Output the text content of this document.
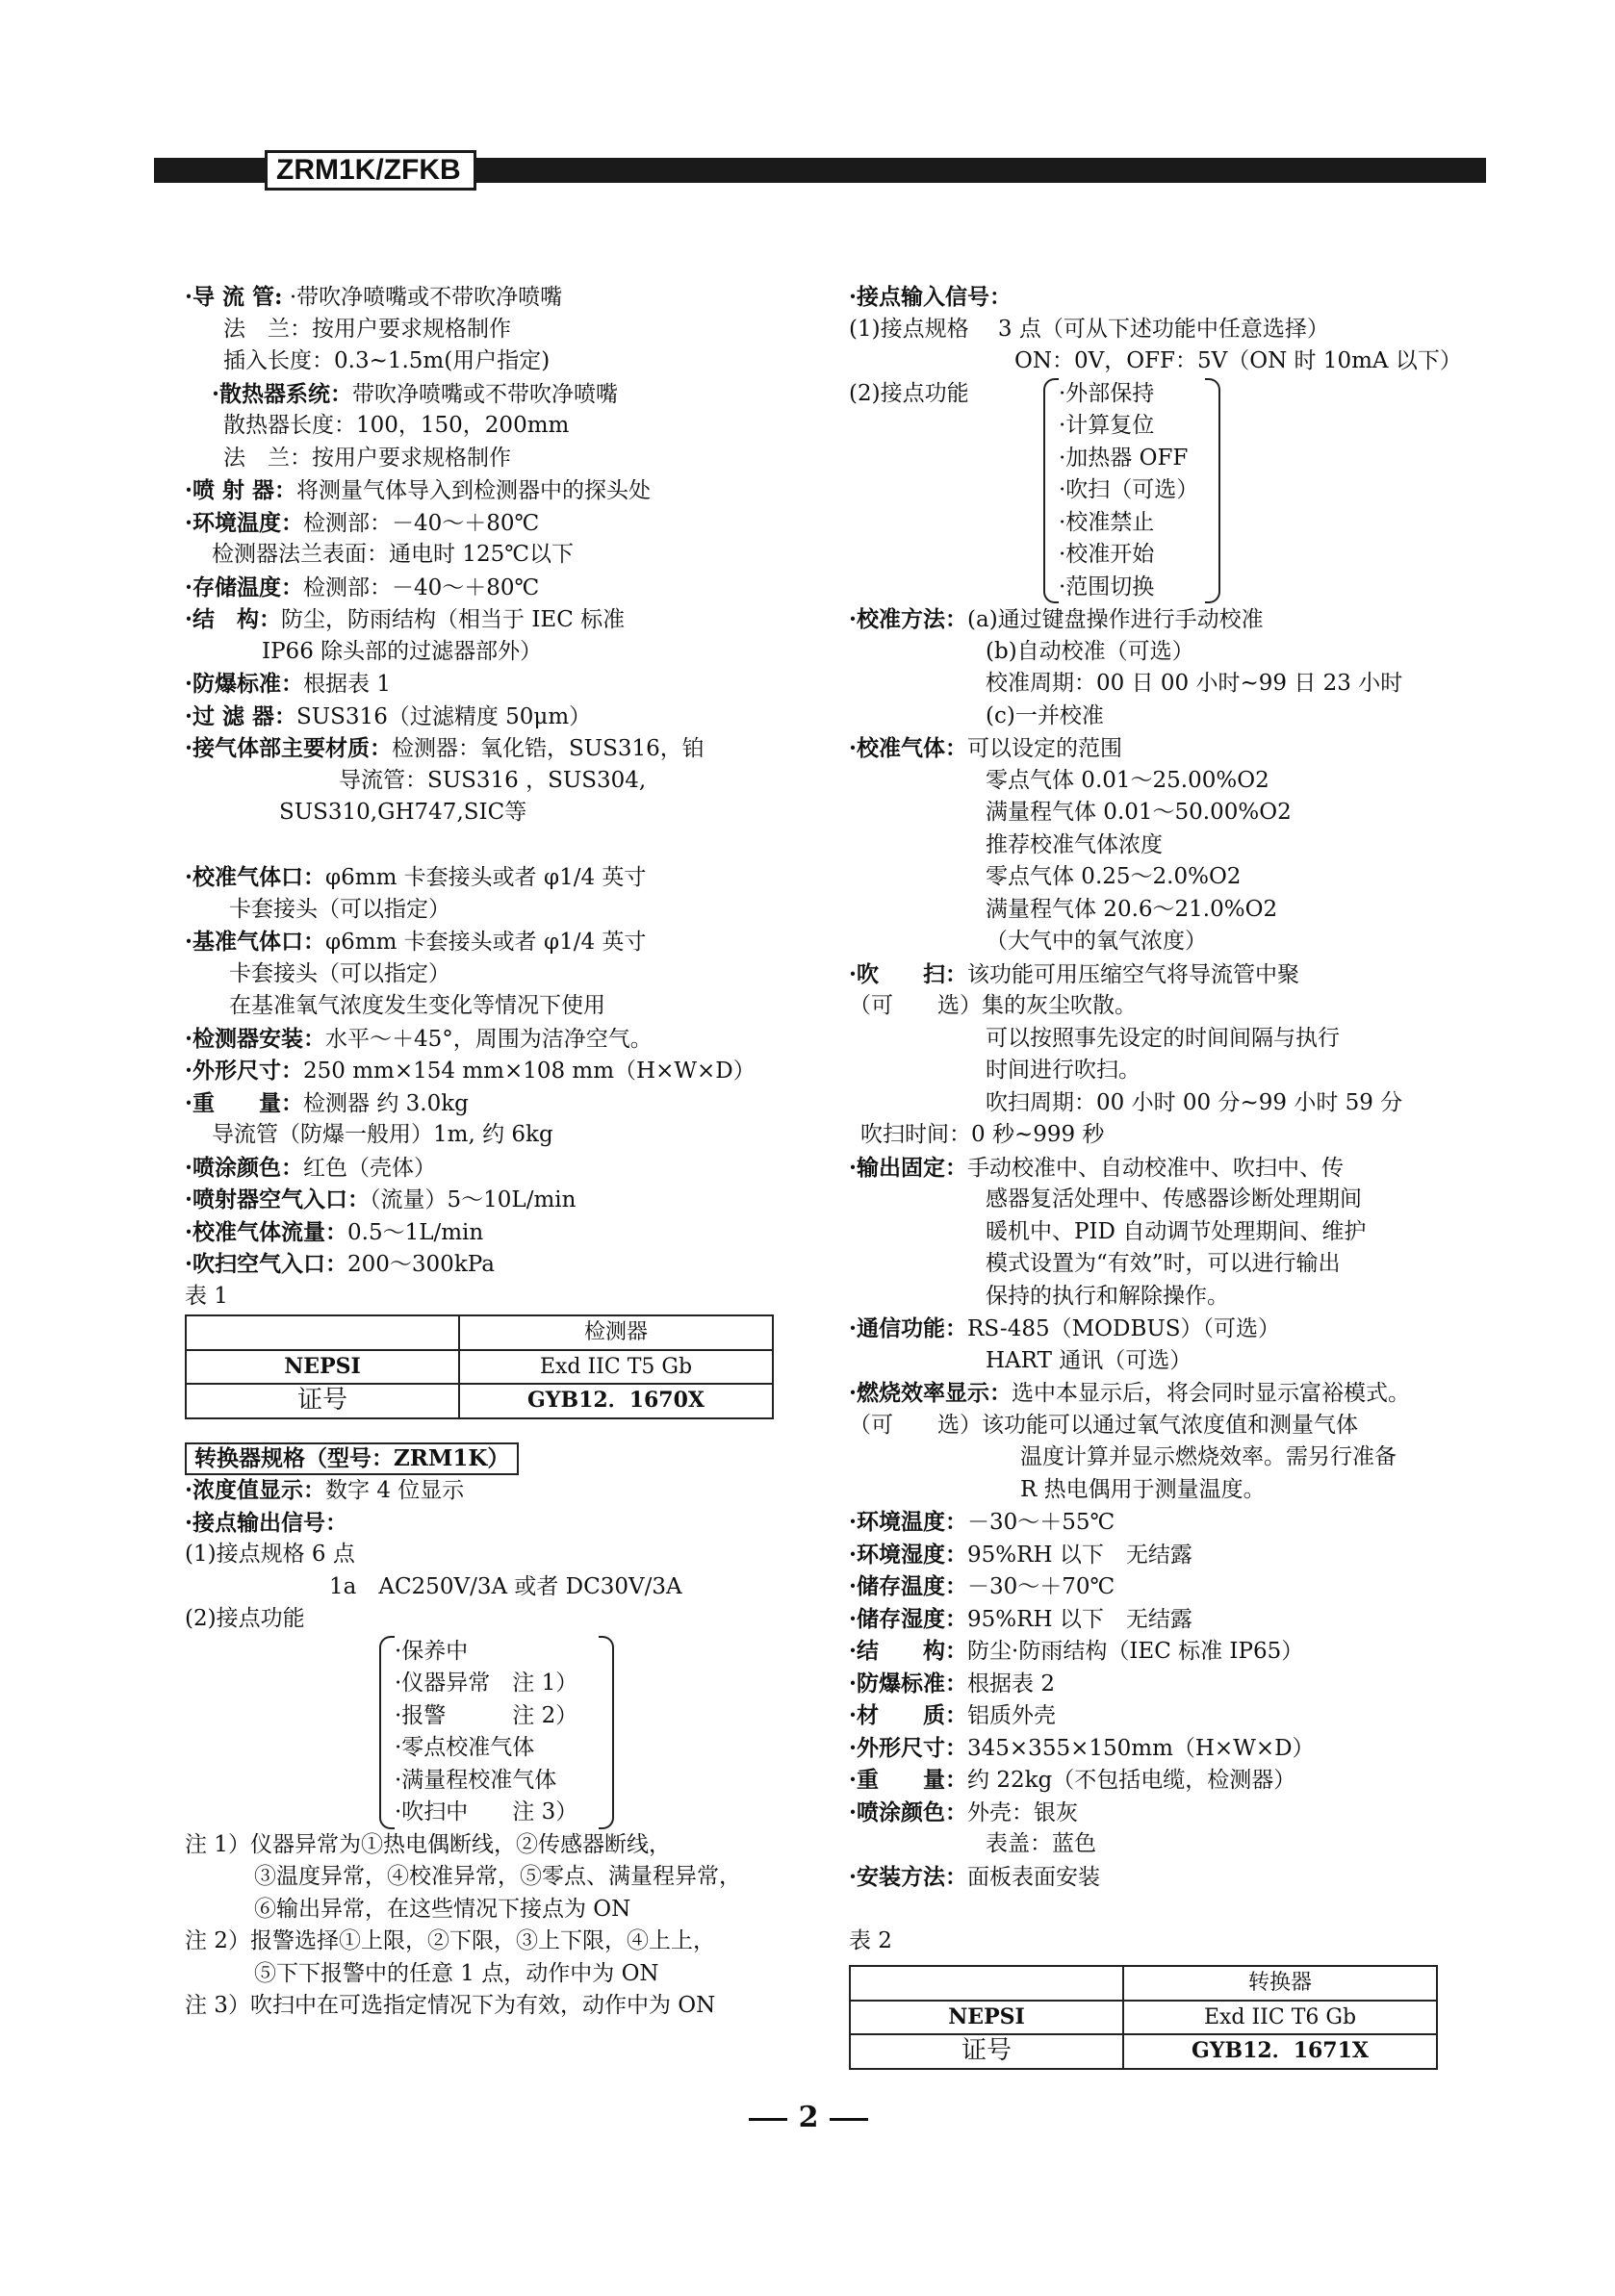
ZRM1K/ZFKB
·导 流 管: ·带吹净喷嘴或不带吹净喷嘴
法　兰：按用户要求规格制作
插入长度：0.3~1.5m(用户指定)
·散热器系统：带吹净喷嘴或不带吹净喷嘴
散热器长度：100，150，200mm
法　兰：按用户要求规格制作
·喷 射 器：将测量气体导入到检测器中的探头处
·环境温度：检测部：－40～＋80℃
检测器法兰表面：通电时 125℃以下
·存储温度：检测部：－40～＋80℃
·结　构：防尘，防雨结构（相当于 IEC 标准
IP66 除头部的过滤器部外）
·防爆标准：根据表 1
·过 滤 器：SUS316（过滤精度 50μm）
·接气体部主要材质：检测器：氧化锆，SUS316，铂
导流管：SUS316 ，SUS304,
SUS310,GH747,SIC等
·校准气体口：φ6mm 卡套接头或者 φ1/4 英寸
卡套接头（可以指定）
·基准气体口：φ6mm 卡套接头或者 φ1/4 英寸
卡套接头（可以指定）
在基准氧气浓度发生变化等情况下使用
·检测器安装：水平～＋45°，周围为洁净空气。
·外形尺寸：250 mm×154 mm×108 mm（H×W×D）
·重　　量：检测器 约 3.0kg
导流管（防爆一般用）1m, 约 6kg
·喷涂颜色：红色（壳体）
·喷射器空气入口：（流量）5～10L/min
·校准气体流量：0.5～1L/min
·吹扫空气入口：200～300kPa
表 1
	检测器
NEPSI	Exd IIC T5 Gb
证号	GYB12．1670X
转换器规格（型号：ZRM1K）
·浓度值显示：数字 4 位显示
·接点输出信号：
(1)接点规格 6 点
1a　AC250V/3A 或者 DC30V/3A
(2)接点功能
·保养中
·仪器异常　注 1）
·报警　　　注 2）
·零点校准气体
·满量程校准气体
·吹扫中　　注 3）
注 1）仪器异常为①热电偶断线，②传感器断线，
③温度异常，④校准异常，⑤零点、满量程异常，
⑥输出异常，在这些情况下接点为 ON
注 2）报警选择①上限，②下限，③上下限，④上上，
⑤下下报警中的任意 1 点，动作中为 ON
注 3）吹扫中在可选指定情况下为有效，动作中为 ON
·接点输入信号：
(1)接点规格　 3 点（可从下述功能中任意选择）
ON：0V，OFF：5V（ON 时 10mA 以下）
(2)接点功能	·外部保持
·计算复位
·加热器 OFF
·吹扫（可选）
·校准禁止
·校准开始
·范围切换
·校准方法：(a)通过键盘操作进行手动校准
(b)自动校准（可选）
校准周期：00 日 00 小时~99 日 23 小时
(c)一并校准
·校准气体：可以设定的范围
零点气体 0.01～25.00%O2
满量程气体 0.01～50.00%O2
推荐校准气体浓度
零点气体 0.25～2.0%O2
满量程气体 20.6～21.0%O2
（大气中的氧气浓度）
·吹　　扫：该功能可用压缩空气将导流管中聚
（可　　选）集的灰尘吹散。
可以按照事先设定的时间间隔与执行
时间进行吹扫。
吹扫周期：00 小时 00 分~99 小时 59 分
吹扫时间：0 秒~999 秒
·输出固定：手动校准中、自动校准中、吹扫中、传
感器复活处理中、传感器诊断处理期间
暖机中、PID 自动调节处理期间、维护
模式设置为“有效”时，可以进行输出
保持的执行和解除操作。
·通信功能：RS-485（MODBUS）（可选）
HART 通讯（可选）
·燃烧效率显示：选中本显示后，将会同时显示富裕模式。
（可　　选）该功能可以通过氧气浓度值和测量气体
温度计算并显示燃烧效率。需另行准备
R 热电偶用于测量温度。
·环境温度：－30～＋55℃
·环境湿度：95%RH 以下　无结露
·储存温度：－30～＋70℃
·储存湿度：95%RH 以下　无结露
·结　　构：防尘·防雨结构（IEC 标准 IP65）
·防爆标准：根据表 2
·材　　质：铝质外壳
·外形尺寸：345×355×150mm（H×W×D）
·重　　量：约 22kg（不包括电缆，检测器）
·喷涂颜色：外壳：银灰
表盖：蓝色
·安装方法：面板表面安装
表 2
	转换器
NEPSI	Exd IIC T6 Gb
证号	GYB12．1671X
2
